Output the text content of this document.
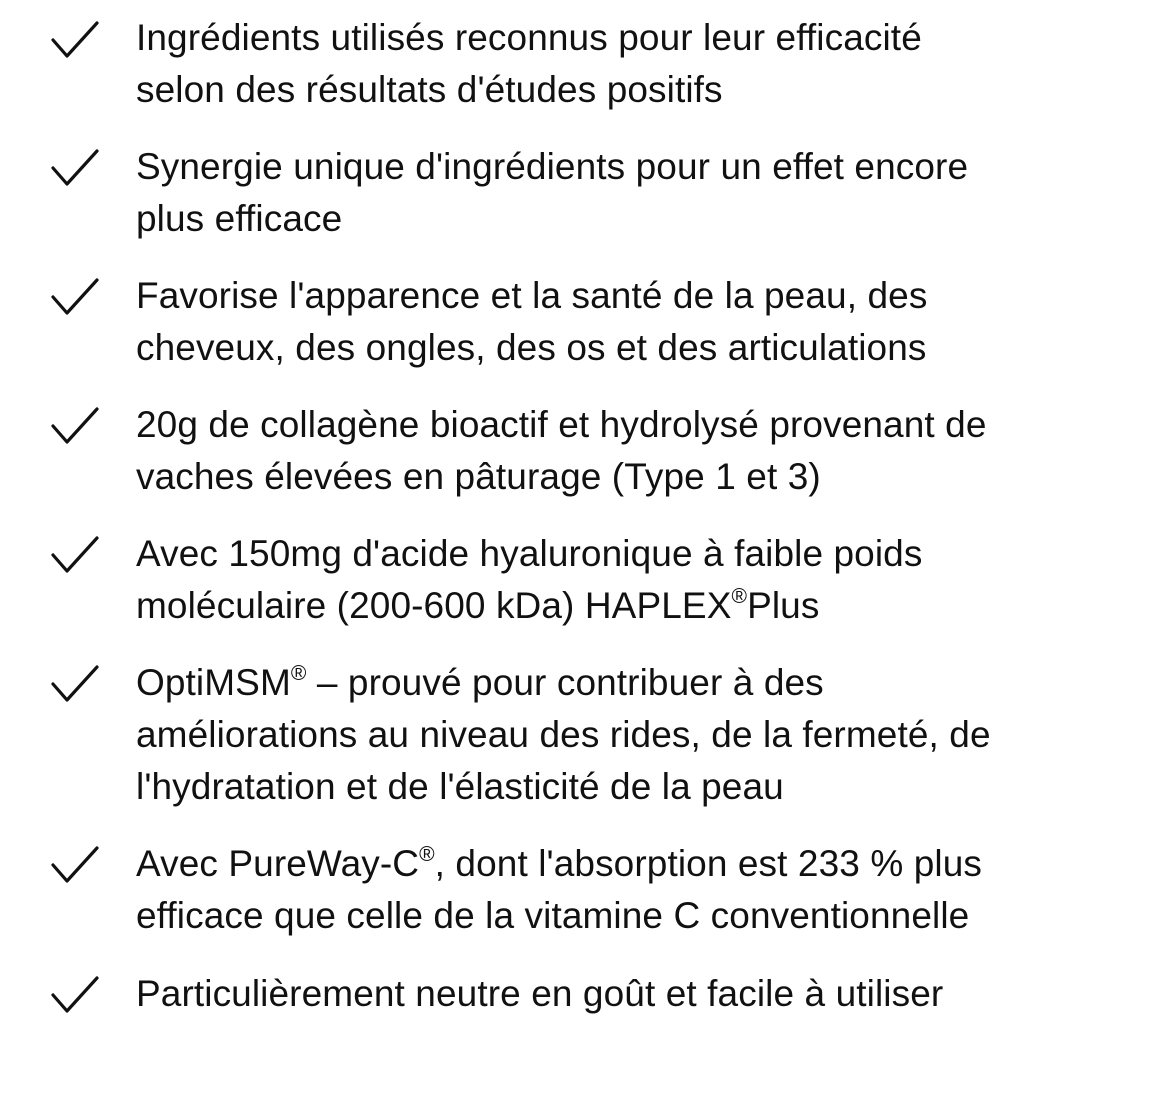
Ingrédients utilisés reconnus pour leur efficacité
selon des résultats d'études positifs
Synergie unique d'ingrédients pour un effet encore
plus efficace
Favorise l'apparence et la santé de la peau, des
cheveux, des ongles, des os et des articulations
20g de collagène bioactif et hydrolysé provenant de
vaches élevées en pâturage (Type 1 et 3)
Avec 150mg d'acide hyaluronique à faible poids
moléculaire (200-600 kDa) HAPLEX®Plus
OptiMSM® – prouvé pour contribuer à des
améliorations au niveau des rides, de la fermeté, de
l'hydratation et de l'élasticité de la peau
Avec PureWay-C®, dont l'absorption est 233 % plus
efficace que celle de la vitamine C conventionnelle
Particulièrement neutre en goût et facile à utiliser
